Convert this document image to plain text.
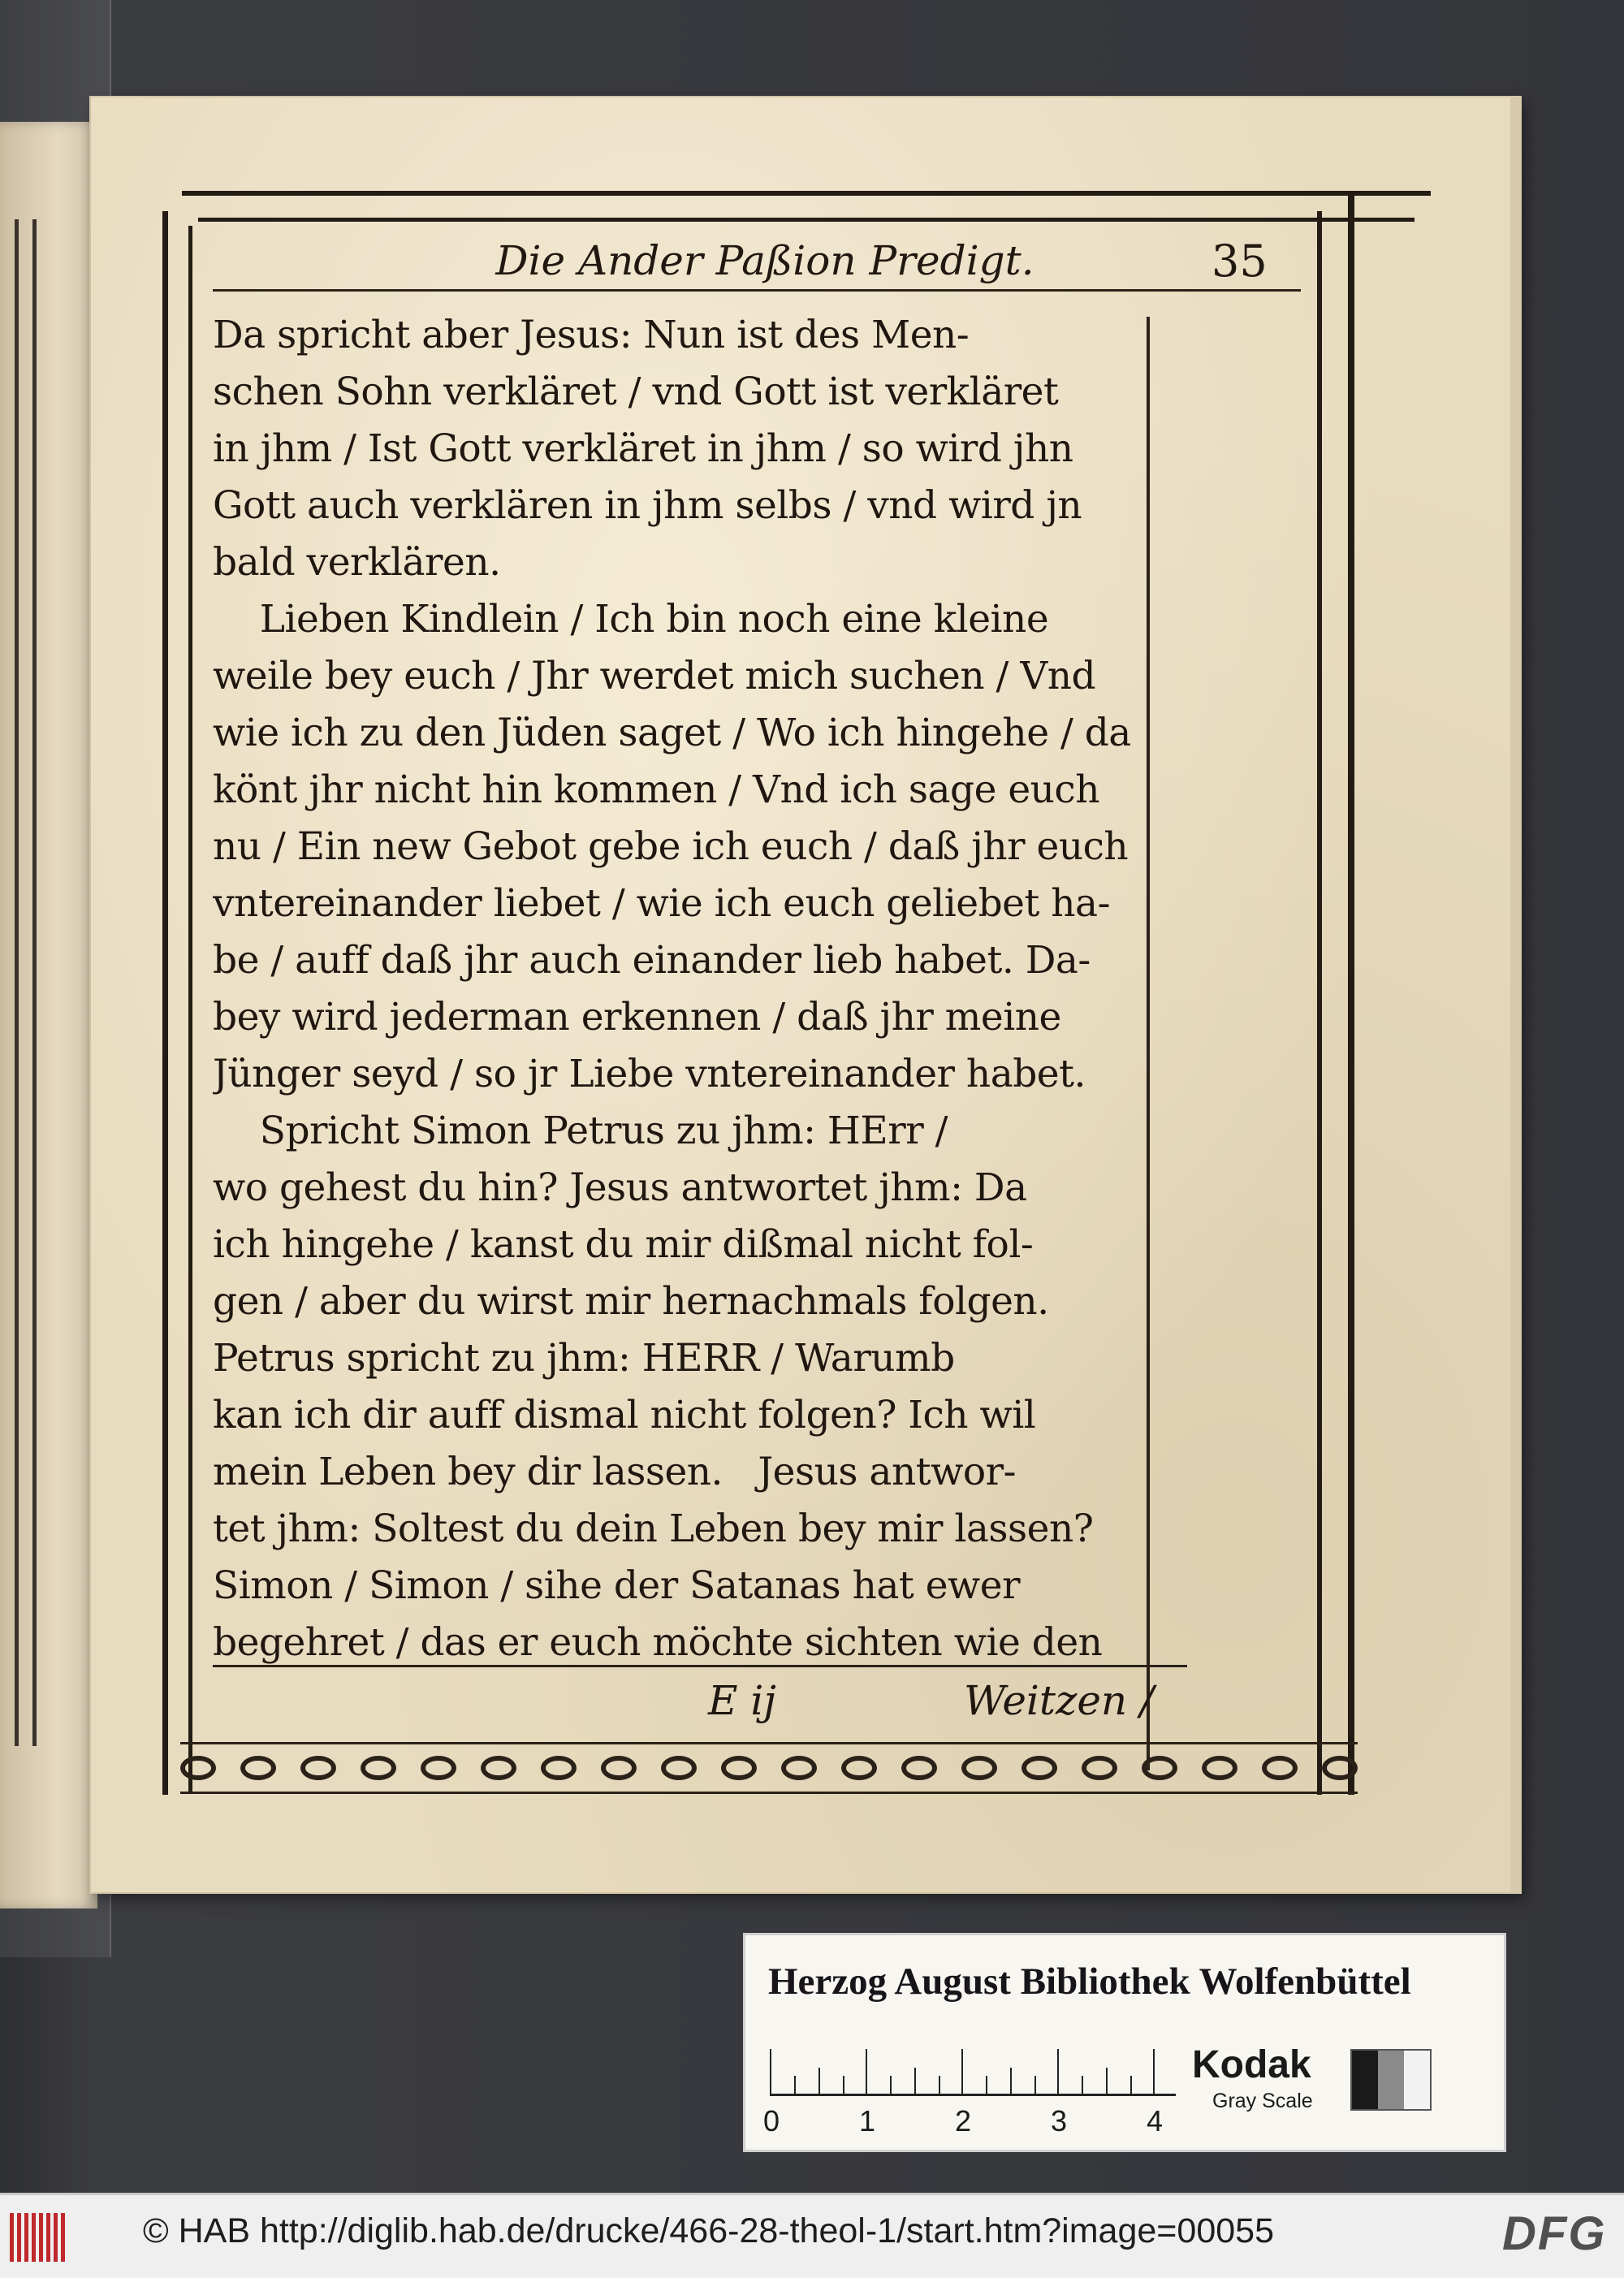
Die Ander Paßion Predigt.	35
Da spricht aber Jesus: Nun ist des Men-
schen Sohn verkläret / vnd Gott ist verkläret
in jhm / Ist Gott verkläret in jhm / so wird jhn
Gott auch verklären in jhm selbs / vnd wird jn
bald verklären.
Lieben Kindlein / Ich bin noch eine kleine
weile bey euch / Jhr werdet mich suchen / Vnd
wie ich zu den Jüden saget / Wo ich hingehe / da
könt jhr nicht hin kommen / Vnd ich sage euch
nu / Ein new Gebot gebe ich euch / daß jhr euch
vntereinander liebet / wie ich euch geliebet ha-
be / auff daß jhr auch einander lieb habet. Da-
bey wird jederman erkennen / daß jhr meine
Jünger seyd / so jr Liebe vntereinander habet.
Spricht Simon Petrus zu jhm: HErr /
wo gehest du hin? Jesus antwortet jhm: Da
ich hingehe / kanst du mir dißmal nicht fol-
gen / aber du wirst mir hernachmals folgen.
Petrus spricht zu jhm: HERR / Warumb
kan ich dir auff dismal nicht folgen? Ich wil
mein Leben bey dir lassen.   Jesus antwor-
tet jhm: Soltest du dein Leben bey mir lassen?
Simon / Simon / sihe der Satanas hat ewer
begehret / das er euch möchte sichten wie den
E ij	Weitzen /
Herzog August Bibliothek Wolfenbüttel
0	1	2	3	4
Kodak
Gray Scale
© HAB http://diglib.hab.de/drucke/466-28-theol-1/start.htm?image=00055	DFG
